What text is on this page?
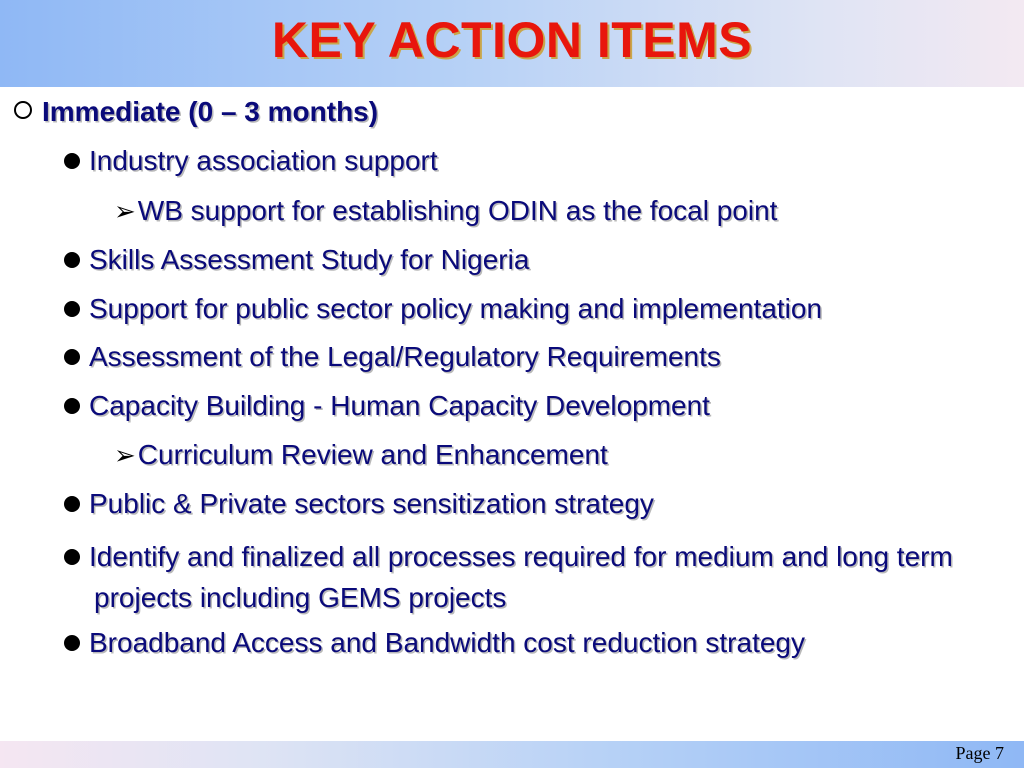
KEY ACTION ITEMS
Immediate (0 – 3 months)
Industry association support
➢WB support for establishing ODIN as the focal point
Skills Assessment Study for Nigeria
Support for public sector policy making and implementation
Assessment of the Legal/Regulatory Requirements
Capacity Building - Human Capacity Development
➢Curriculum Review and Enhancement
Public & Private sectors sensitization strategy
Identify and finalized all processes required for medium and long term projects including GEMS projects
Broadband Access and Bandwidth cost reduction strategy
Page 7
